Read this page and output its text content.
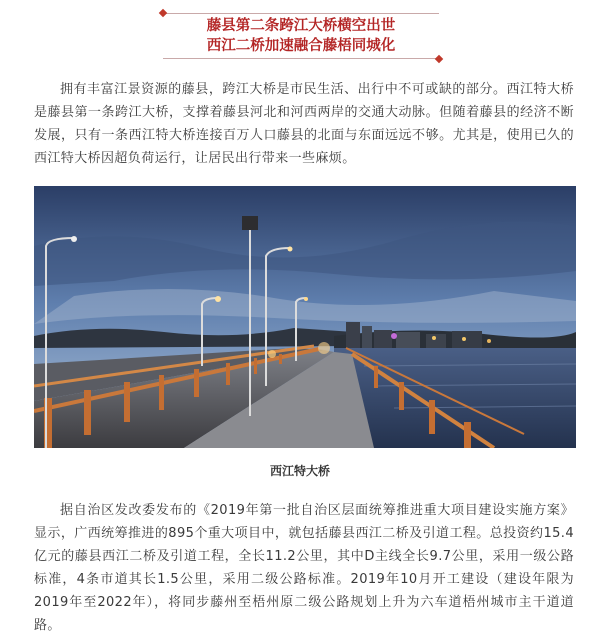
藤县第二条跨江大桥横空出世
西江二桥加速融合藤梧同城化

拥有丰富江景资源的藤县，跨江大桥是市民生活、出行中不可或缺的部分。西江特大桥是藤县第一条跨江大桥，支撑着藤县河北和河西两岸的交通大动脉。但随着藤县的经济不断发展，只有一条西江特大桥连接百万人口藤县的北面与东面远远不够。尤其是，使用已久的西江特大桥因超负荷运行，让居民出行带来一些麻烦。

西江特大桥

据自治区发改委发布的《2019年第一批自治区层面统筹推进重大项目建设实施方案》显示，广西统筹推进的895个重大项目中，就包括藤县西江二桥及引道工程。总投资约15.4亿元的藤县西江二桥及引道工程，全长11.2公里，其中D主线全长9.7公里，采用一级公路标准，4条市道其长1.5公里，采用二级公路标准。2019年10月开工建设（建设年限为2019年至2022年），将同步藤州至梧州原二级公路规划上升为六车道梧州城市主干道道路。
